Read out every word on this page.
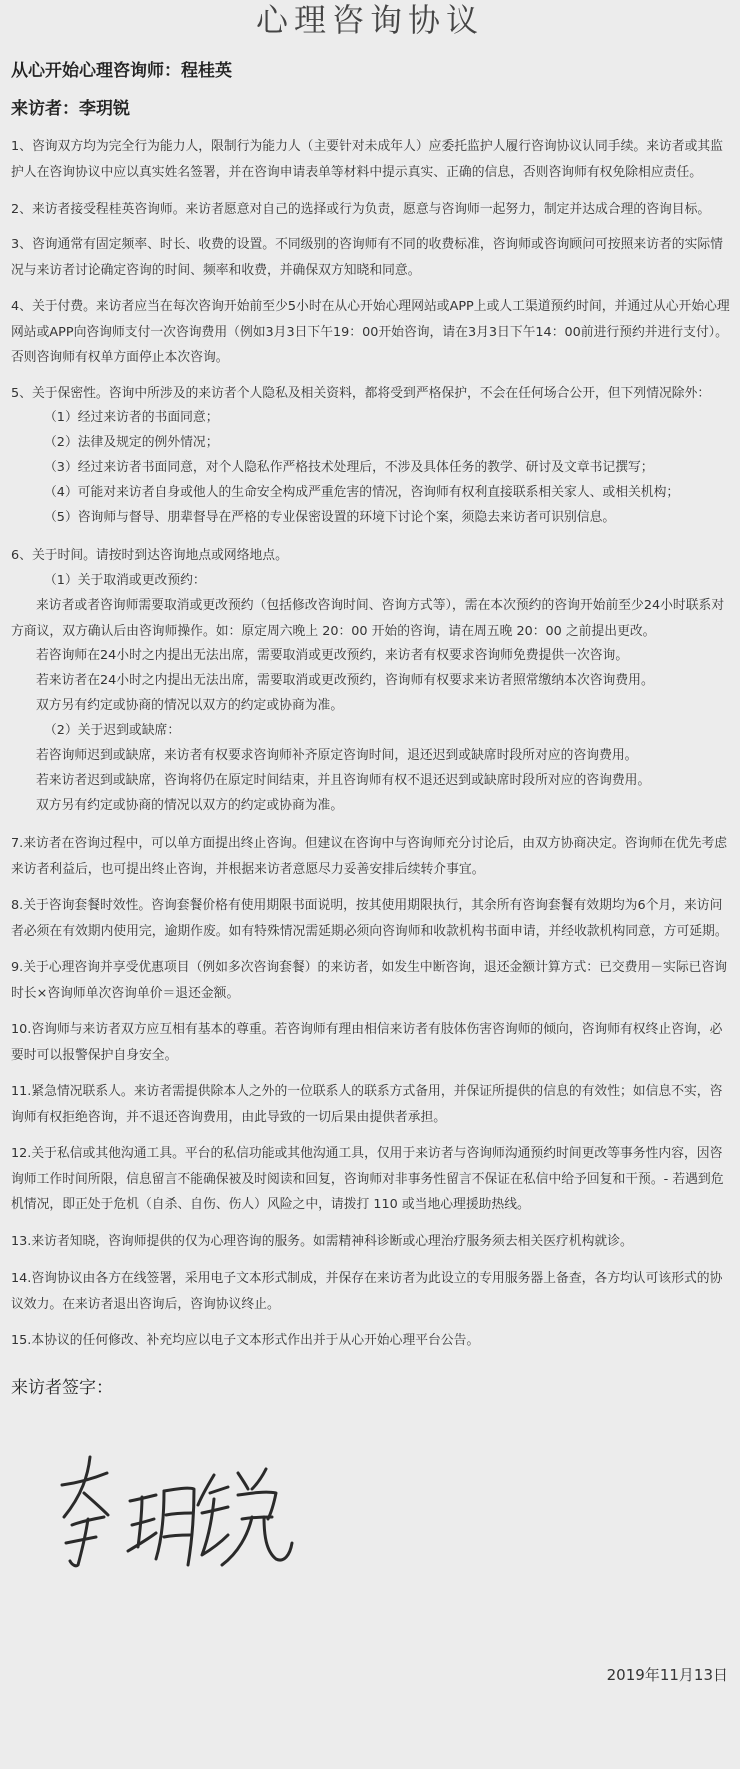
心理咨询协议
从心开始心理咨询师：程桂英
来访者：李玥锐

1、咨询双方均为完全行为能力人，限制行为能力人（主要针对未成年人）应委托监护人履行咨询协议认同手续。来访者或其监护人在咨询协议中应以真实姓名签署，并在咨询申请表单等材料中提示真实、正确的信息，否则咨询师有权免除相应责任。

2、来访者接受程桂英咨询师。来访者愿意对自己的选择或行为负责，愿意与咨询师一起努力，制定并达成合理的咨询目标。

3、咨询通常有固定频率、时长、收费的设置。不同级别的咨询师有不同的收费标准，咨询师或咨询顾问可按照来访者的实际情况与来访者讨论确定咨询的时间、频率和收费，并确保双方知晓和同意。

4、关于付费。来访者应当在每次咨询开始前至少5小时在从心开始心理网站或APP上或人工渠道预约时间，并通过从心开始心理网站或APP向咨询师支付一次咨询费用（例如3月3日下午19：00开始咨询，请在3月3日下午14：00前进行预约并进行支付）。否则咨询师有权单方面停止本次咨询。

5、关于保密性。咨询中所涉及的来访者个人隐私及相关资料，都将受到严格保护，不会在任何场合公开，但下列情况除外：

（1）经过来访者的书面同意；

（2）法律及规定的例外情况；

（3）经过来访者书面同意，对个人隐私作严格技术处理后，不涉及具体任务的教学、研讨及文章书记撰写；

（4）可能对来访者自身或他人的生命安全构成严重危害的情况，咨询师有权利直接联系相关家人、或相关机构；

（5）咨询师与督导、朋辈督导在严格的专业保密设置的环境下讨论个案，须隐去来访者可识别信息。

6、关于时间。请按时到达咨询地点或网络地点。

（1）关于取消或更改预约：

来访者或者咨询师需要取消或更改预约（包括修改咨询时间、咨询方式等），需在本次预约的咨询开始前至少24小时联系对方商议，双方确认后由咨询师操作。如：原定周六晚上 20：00 开始的咨询，请在周五晚 20：00 之前提出更改。

若咨询师在24小时之内提出无法出席，需要取消或更改预约，来访者有权要求咨询师免费提供一次咨询。

若来访者在24小时之内提出无法出席，需要取消或更改预约，咨询师有权要求来访者照常缴纳本次咨询费用。

双方另有约定或协商的情况以双方的约定或协商为准。

（2）关于迟到或缺席：

若咨询师迟到或缺席，来访者有权要求咨询师补齐原定咨询时间，退还迟到或缺席时段所对应的咨询费用。

若来访者迟到或缺席，咨询将仍在原定时间结束，并且咨询师有权不退还迟到或缺席时段所对应的咨询费用。

双方另有约定或协商的情况以双方的约定或协商为准。

7.来访者在咨询过程中，可以单方面提出终止咨询。但建议在咨询中与咨询师充分讨论后，由双方协商决定。咨询师在优先考虑来访者利益后，也可提出终止咨询，并根据来访者意愿尽力妥善安排后续转介事宜。

8.关于咨询套餐时效性。咨询套餐价格有使用期限书面说明，按其使用期限执行，其余所有咨询套餐有效期均为6个月，来访问者必须在有效期内使用完，逾期作废。如有特殊情况需延期必须向咨询师和收款机构书面申请，并经收款机构同意，方可延期。

9.关于心理咨询并享受优惠项目（例如多次咨询套餐）的来访者，如发生中断咨询，退还金额计算方式：已交费用－实际已咨询时长×咨询师单次咨询单价＝退还金额。

10.咨询师与来访者双方应互相有基本的尊重。若咨询师有理由相信来访者有肢体伤害咨询师的倾向，咨询师有权终止咨询，必要时可以报警保护自身安全。

11.紧急情况联系人。来访者需提供除本人之外的一位联系人的联系方式备用，并保证所提供的信息的有效性；如信息不实，咨询师有权拒绝咨询，并不退还咨询费用，由此导致的一切后果由提供者承担。

12.关于私信或其他沟通工具。平台的私信功能或其他沟通工具，仅用于来访者与咨询师沟通预约时间更改等事务性内容，因咨询师工作时间所限，信息留言不能确保被及时阅读和回复，咨询师对非事务性留言不保证在私信中给予回复和干预。- 若遇到危机情况，即正处于危机（自杀、自伤、伤人）风险之中，请拨打 110 或当地心理援助热线。

13.来访者知晓，咨询师提供的仅为心理咨询的服务。如需精神科诊断或心理治疗服务须去相关医疗机构就诊。

14.咨询协议由各方在线签署，采用电子文本形式制成，并保存在来访者为此设立的专用服务器上备查，各方均认可该形式的协议效力。在来访者退出咨询后，咨询协议终止。

15.本协议的任何修改、补充均应以电子文本形式作出并于从心开始心理平台公告。

来访者签字：
2019年11月13日
